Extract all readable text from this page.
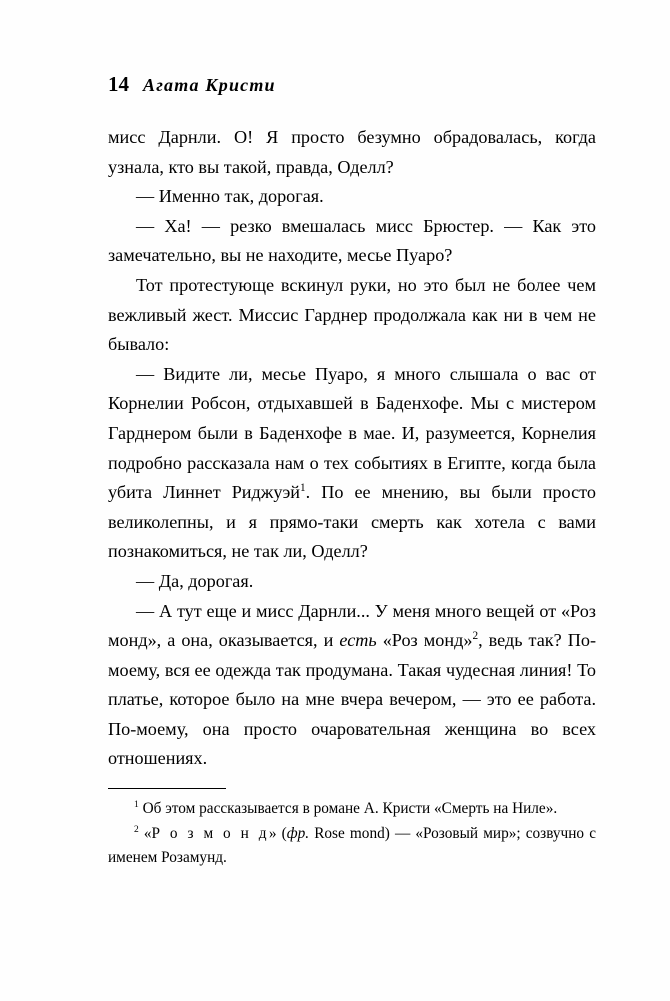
14 Агата Кристи

мисс Дарнли. О! Я просто безумно обрадовалась, когда узнала, кто вы такой, правда, Оделл?

— Именно так, дорогая.

— Ха! — резко вмешалась мисс Брюстер. — Как это замечательно, вы не находите, месье Пуаро?

Тот протестующе вскинул руки, но это был не более чем вежливый жест. Миссис Гарднер продолжала как ни в чем не бывало:

— Видите ли, месье Пуаро, я много слышала о вас от Корнелии Робсон, отдыхавшей в Баденхофе. Мы с мистером Гарднером были в Баденхофе в мае. И, разумеется, Корнелия подробно рассказала нам о тех событиях в Египте, когда была убита Линнет Риджуэй$^1$. По ее мнению, вы были просто великолепны, и я прямо-таки смерть как хотела с вами познакомиться, не так ли, Оделл?

— Да, дорогая.

— А тут еще и мисс Дарнли... У меня много вещей от «Роз монд», а она, оказывается, и есть «Роз монд»$^2$, ведь так? По-моему, вся ее одежда так продумана. Такая чудесная линия! То платье, которое было на мне вчера вечером, — это ее работа. По-моему, она просто очаровательная женщина во всех отношениях.

$^1$ Об этом рассказывается в романе А. Кристи «Смерть на Ниле».

$^2$ «Р о з м о н д» (фр. Rose mond) — «Розовый мир»; созвучно с именем Розамунд.
